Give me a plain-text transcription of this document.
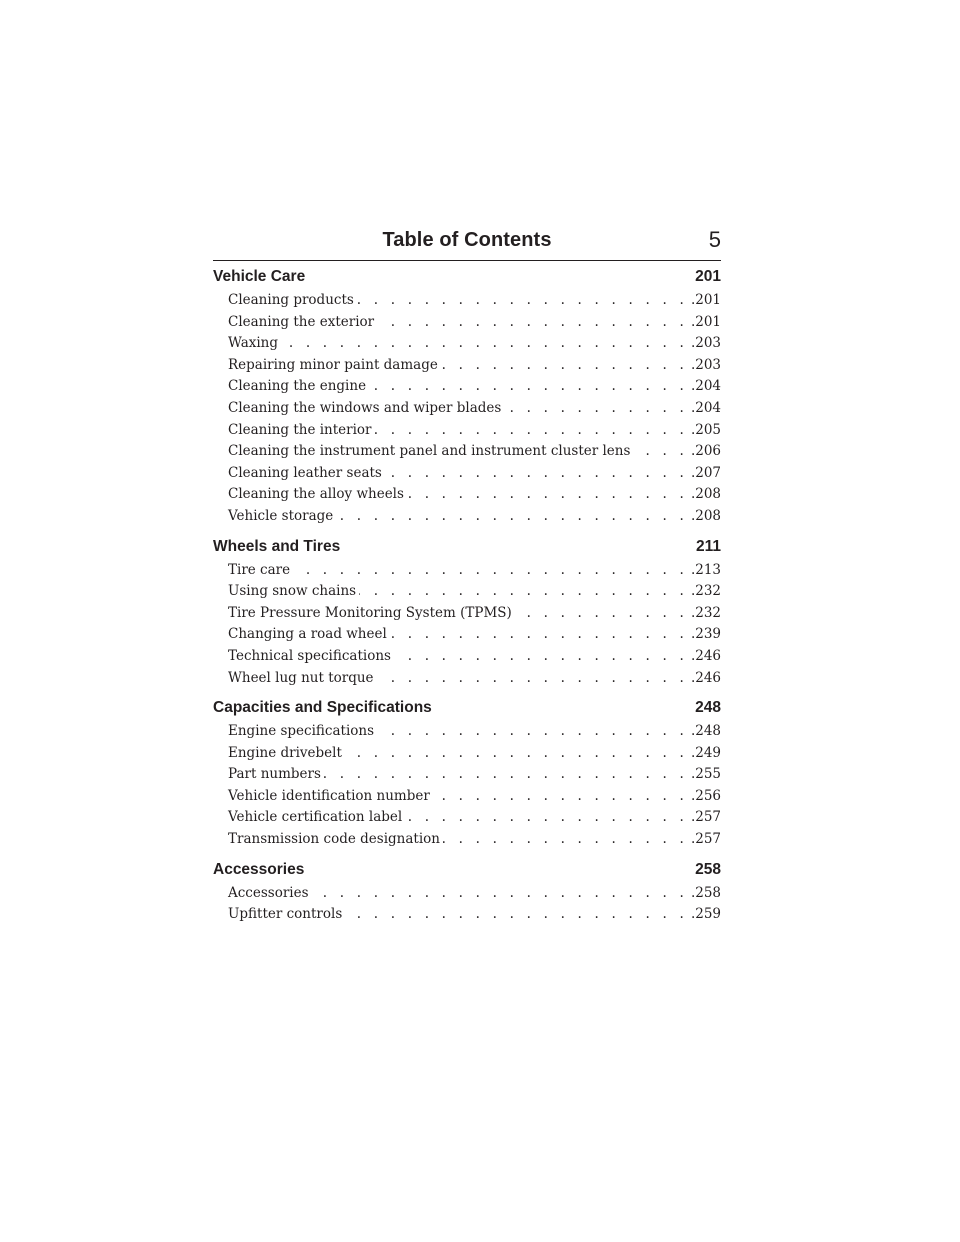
Table of Contents	5
Vehicle Care	201
Cleaning products . . .	.201
Cleaning the exterior . . .	.201
Waxing . . .	.203
Repairing minor paint damage . . .	.203
Cleaning the engine . . .	.204
Cleaning the windows and wiper blades . . .	.204
Cleaning the interior . . .	.205
Cleaning the instrument panel and instrument cluster lens . . .	.206
Cleaning leather seats . . .	.207
Cleaning the alloy wheels . . .	.208
Vehicle storage . . .	.208
Wheels and Tires	211
Tire care . . .	.213
Using snow chains . . .	.232
Tire Pressure Monitoring System (TPMS) . . .	.232
Changing a road wheel . . .	.239
Technical specifications . . .	.246
Wheel lug nut torque . . .	.246
Capacities and Specifications	248
Engine specifications . . .	.248
Engine drivebelt . . .	.249
Part numbers . . .	.255
Vehicle identification number . . .	.256
Vehicle certification label . . .	.257
Transmission code designation . . .	.257
Accessories	258
Accessories . . .	.258
Upfitter controls . . .	.259
